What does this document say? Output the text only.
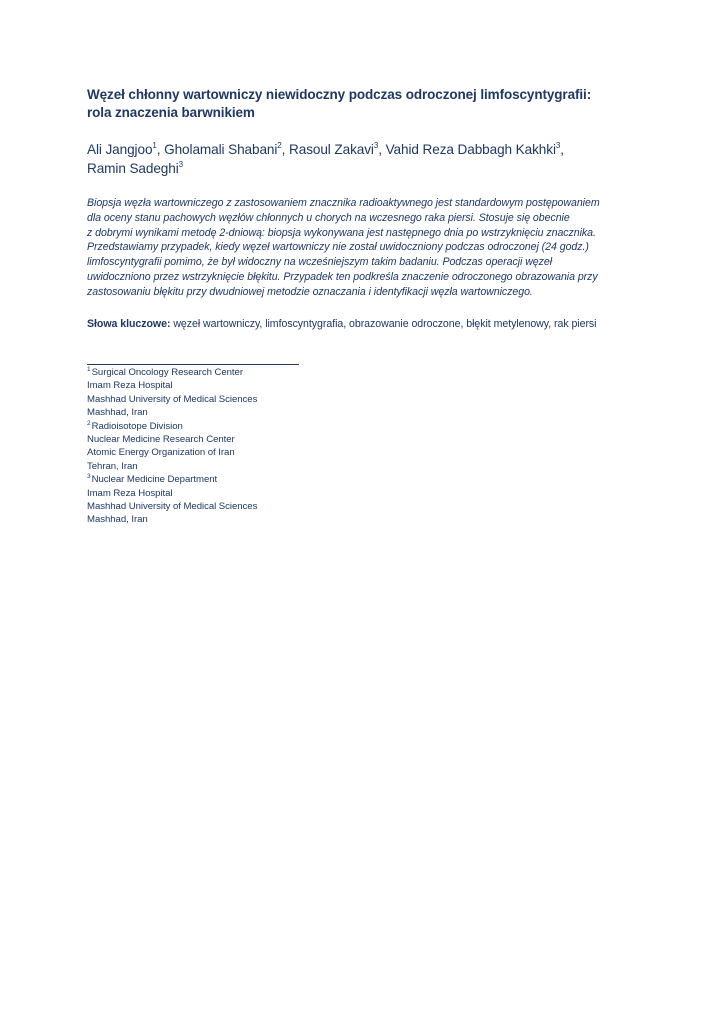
Węzeł chłonny wartowniczy niewidoczny podczas odroczonej limfoscyntygrafii:
rola znaczenia barwnikiem
Ali Jangjoo$^1$, Gholamali Shabani$^2$, Rasoul Zakavi$^3$, Vahid Reza Dabbagh Kakhki$^3$,
Ramin Sadeghi$^3$
Biopsja węzła wartowniczego z zastosowaniem znacznika radioaktywnego jest standardowym postępowaniem
dla oceny stanu pachowych węzłów chłonnych u chorych na wczesnego raka piersi. Stosuje się obecnie
z dobrymi wynikami metodę 2-dniową: biopsja wykonywana jest następnego dnia po wstrzyknięciu znacznika.
Przedstawiamy przypadek, kiedy węzeł wartowniczy nie został uwidoczniony podczas odroczonej (24 godz.)
limfoscyntygrafii pomimo, że był widoczny na wcześniejszym takim badaniu. Podczas operacji węzeł
uwidoczniono przez wstrzyknięcie błękitu. Przypadek ten podkreśla znaczenie odroczonego obrazowania przy
zastosowaniu błękitu przy dwudniowej metodzie oznaczania i identyfikacji węzła wartowniczego.
Słowa kluczowe: węzeł wartowniczy, limfoscyntygrafia, obrazowanie odroczone, błękit metylenowy, rak piersi
$^1$Surgical Oncology Research Center
Imam Reza Hospital
Mashhad University of Medical Sciences
Mashhad, Iran
$^2$Radioisotope Division
Nuclear Medicine Research Center
Atomic Energy Organization of Iran
Tehran, Iran
$^3$Nuclear Medicine Department
Imam Reza Hospital
Mashhad University of Medical Sciences
Mashhad, Iran
